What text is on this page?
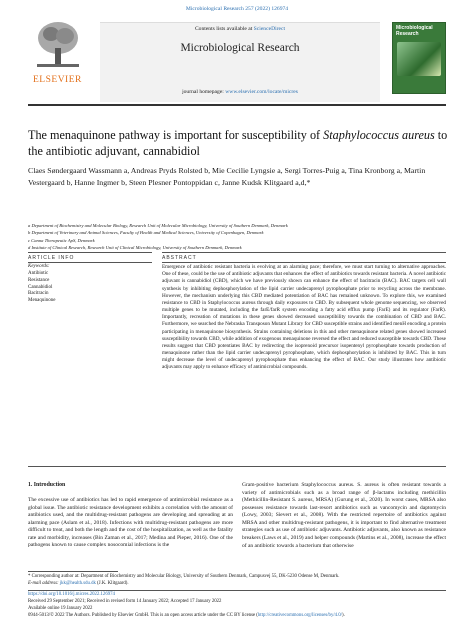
Microbiological Research 257 (2022) 126974
ELSEVIER
Contents lists available at ScienceDirect
Microbiological Research
journal homepage: www.elsevier.com/locate/micres
Microbiological Research
The menaquinone pathway is important for susceptibility of Staphylococcus aureus to the antibiotic adjuvant, cannabidiol
Claes Søndergaard Wassmann a, Andreas Pryds Rolsted b, Mie Cecilie Lyngsie a, Sergi Torres-Puig a, Tina Kronborg a, Martin Vestergaard b, Hanne Ingmer b, Steen Plesner Pontoppidan c, Janne Kudsk Klitgaard a,d,*
a Department of Biochemistry and Molecular Biology, Research Unit of Molecular Microbiology, University of Southern Denmark, Denmark
b Department of Veterinary and Animal Sciences, Faculty of Health and Medical Sciences, University of Copenhagen, Denmark
c Canna Therapeutic ApS, Denmark
d Institute of Clinical Research, Research Unit of Clinical Microbiology, University of Southern Denmark, Denmark
ARTICLE INFO	ABSTRACT
Keywords:
Antibiotic
Resistance
Cannabidiol
Bacitracin
Menaquinone
Emergence of antibiotic resistant bacteria is evolving at an alarming pace; therefore, we must start turning to alternative approaches. One of these, could be the use of antibiotic adjuvants that enhances the effect of antibiotics towards resistant bacteria. A novel antibiotic adjuvant is cannabidiol (CBD), which we have previously shown can enhance the effect of bacitracin (BAC). BAC targets cell wall synthesis by inhibiting dephosphorylation of the lipid carrier undecaprenyl pyrophosphate prior to recycling across the membrane. However, the mechanism underlying this CBD mediated potentiation of BAC has remained unknown. To explore this, we examined resistance to CBD in Staphylococcus aureus through daily exposures to CBD. By subsequent whole genome sequencing, we observed multiple genes to be mutated, including the farE/farR system encoding a fatty acid efflux pump (FarE) and its regulator (FarR). Importantly, recreation of mutations in these genes showed decreased susceptibility towards the combination of CBD and BAC. Furthermore, we searched the Nebraska Transposon Mutant Library for CBD susceptible strains and identified menH encoding a protein participating in menaquinone biosynthesis. Strains containing deletions in this and other menaquinone related genes showed increased susceptibility towards CBD, while addition of exogenous menaquinone reversed the effect and reduced susceptible towards CBD. These results suggest that CBD potentiates BAC by redirecting the isoprenoid precursor isopentenyl pyrophosphate towards production of menaquinone rather than the lipid carrier undecaprenyl pyrophosphate, which dephosphorylation is inhibited by BAC. This in turn might decrease the level of undecaprenyl pyrophosphate thus enhancing the effect of BAC. Our study illustrates how antibiotic adjuvants may apply to enhance efficacy of antimicrobial compounds.
1. Introduction
The excessive use of antibiotics has led to rapid emergence of antimicrobial resistance as a global issue. The antibiotic resistance development exhibits a correlation with the amount of antibiotics used, and the multidrug-resistant pathogens are developing and spreading at an alarming pace (Aslam et al., 2018). Infections with multidrug-resistant pathogens are more difficult to treat, and both the length and the cost of the hospitalization, as well as the fatality rate and morbidity, increases (Bin Zaman et al., 2017; Medina and Pieper, 2016). One of the pathogens known to cause complex nosocomial infections is the
Gram-positive bacterium Staphylococcus aureus. S. aureus is often resistant towards a variety of antimicrobials such as a broad range of β-lactams including methicillin (Methicillin-Resistant S. aureus, MRSA) (Gurung et al., 2020). In worst cases, MRSA also possesses resistance towards last-resort antibiotics such as vancomycin and daptomycin (Lowy, 2003; Sievert et al., 2008). With the restricted repertoire of antibiotics against MRSA and other multidrug-resistant pathogens, it is important to find alternative treatment strategies such as use of antibiotic adjuvants. Antibiotic adjuvants, also known as resistance breakers (Laws et al., 2019) and helper compounds (Martins et al., 2008), increase the effect of an antibiotic towards a bacterium that otherwise
* Corresponding author at: Department of Biochemistry and Molecular Biology, University of Southern Denmark, Campusvej 55, DK-5230 Odense M, Denmark.
E-mail address: jkk@health.sdu.dk (J.K. Klitgaard).
https://doi.org/10.1016/j.micres.2022.126974
Received 29 September 2021; Received in revised form 14 January 2022; Accepted 17 January 2022
Available online 19 January 2022
0944-5013/© 2022 The Authors. Published by Elsevier GmbH. This is an open access article under the CC BY license (http://creativecommons.org/licenses/by/4.0/).
